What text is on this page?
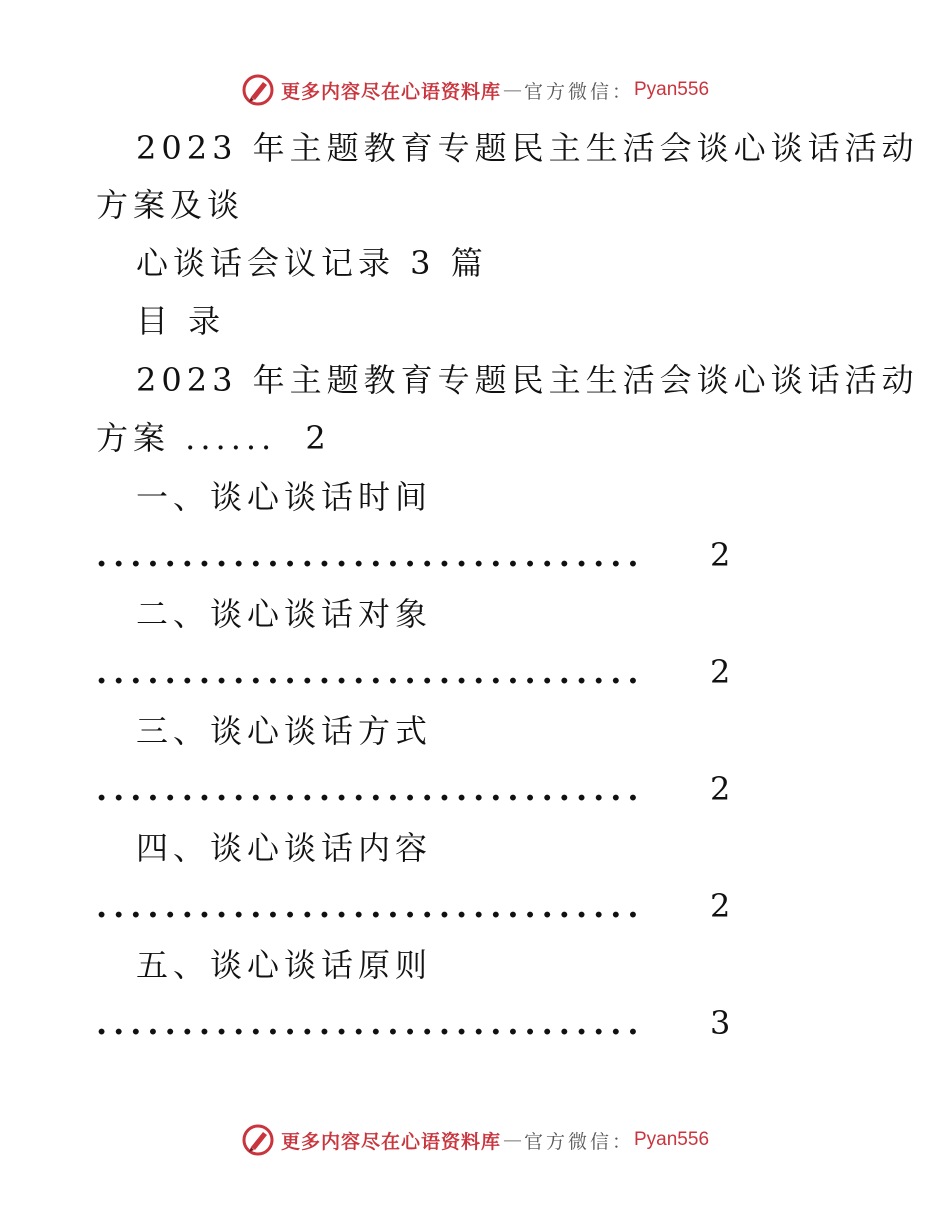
更多内容尽在心语资料库 — 官方微信： Pyan556
2023 年主题教育专题民主生活会谈心谈话活动
方案及谈
心谈话会议记录 3 篇
目 录
2023 年主题教育专题民主生活会谈心谈话活动
方案 ...... 2
一、谈心谈话时间
................................ 2
二、谈心谈话对象
................................ 2
三、谈心谈话方式
................................ 2
四、谈心谈话内容
................................ 2
五、谈心谈话原则
................................ 3
更多内容尽在心语资料库 — 官方微信： Pyan556
